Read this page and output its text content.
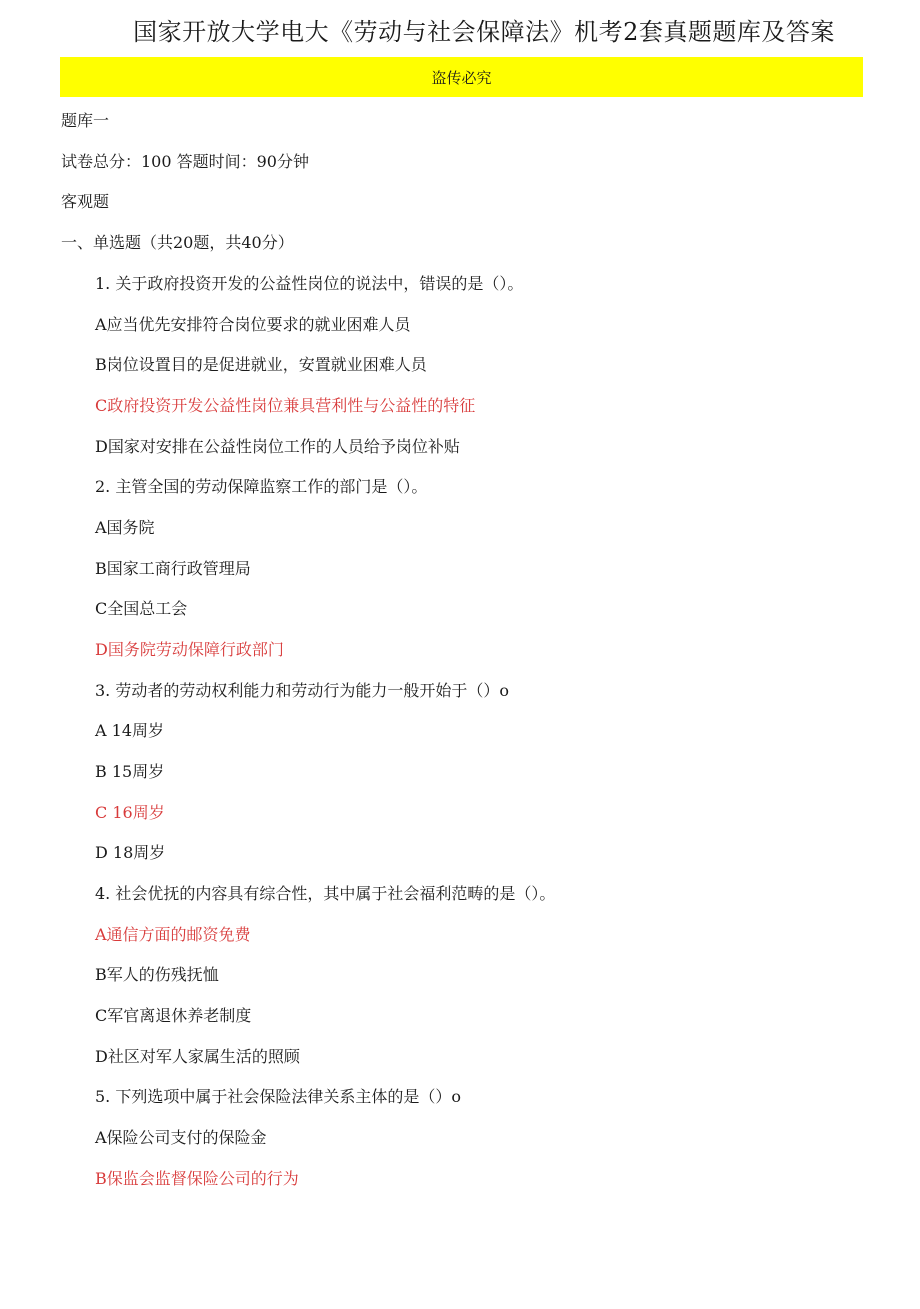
国家开放大学电大《劳动与社会保障法》机考2套真题题库及答案
盗传必究
题库一
试卷总分：100 答题时间：90分钟
客观题
一、单选题（共20题，共40分）
1. 关于政府投资开发的公益性岗位的说法中，错误的是（）。
A应当优先安排符合岗位要求的就业困难人员
B岗位设置目的是促进就业，安置就业困难人员
C政府投资开发公益性岗位兼具营利性与公益性的特征
D国家对安排在公益性岗位工作的人员给予岗位补贴
2. 主管全国的劳动保障监察工作的部门是（）。
A国务院
B国家工商行政管理局
C全国总工会
D国务院劳动保障行政部门
3. 劳动者的劳动权利能力和劳动行为能力一般开始于（）o
A 14周岁
B 15周岁
C 16周岁
D 18周岁
4. 社会优抚的内容具有综合性，其中属于社会福利范畴的是（）。
A通信方面的邮资免费
B军人的伤残抚恤
C军官离退休养老制度
D社区对军人家属生活的照顾
5. 下列选项中属于社会保险法律关系主体的是（）o
A保险公司支付的保险金
B保监会监督保险公司的行为
